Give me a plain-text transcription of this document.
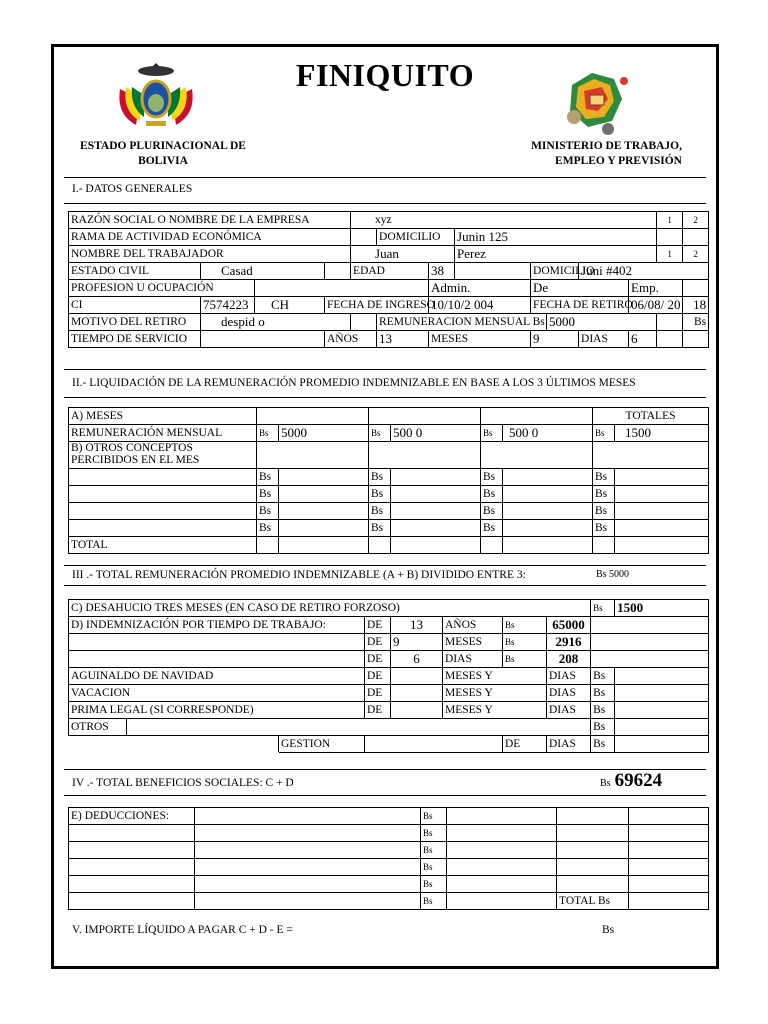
FINIQUITO
ESTADO PLURINACIONAL DE
BOLIVIA
MINISTERIO DE TRABAJO,
EMPLEO Y PREVISIÓN
I.- DATOS GENERALES
RAZÓN SOCIAL O NOMBRE DE LA EMPRESA				xyz								1	2
RAMA DE ACTIVIDAD ECONÓMICA					DOMICILIO		Junin 125						
NOMBRE DEL TRABAJADOR				Juan			Perez					1	2
ESTADO CIVIL	Casad			EDAD		38		DOMICILIO		Juni #402			
PROFESION U OCUPACIÓN						Admin.		De			Emp.		
CI	7574223	CH	FECHA DE INGRESO			10/10/2 004		FECHA DE RETIRO			06/08/ 20		18
MOTIVO DEL RETIRO	despid o				REMUNERACION MENSUAL Bs				5000				Bs
TIEMPO DE SERVICIO			AÑOS		13	MESES		9		DIAS	6		
II.- LIQUIDACIÓN DE LA REMUNERACIÓN PROMEDIO INDEMNIZABLE EN BASE A LOS 3 ÚLTIMOS MESES
A) MESES							TOTALES	
REMUNERACIÓN MENSUAL	Bs	5000	Bs	500 0	Bs	500 0	Bs	1500

B) OTROS CONCEPTOS
PERCIBIDOS EN EL MES								

	Bs		Bs		Bs		Bs	
	Bs		Bs		Bs		Bs	
	Bs		Bs		Bs		Bs	
	Bs		Bs		Bs		Bs	
TOTAL								
III .- TOTAL REMUNERACIÓN PROMEDIO INDEMNIZABLE (A + B) DIVIDIDO ENTRE 3:	Bs 5000
C) DESAHUCIO TRES MESES (EN CASO DE RETIRO FORZOSO)								Bs	1500
D) INDEMNIZACIÓN POR TIEMPO DE TRABAJO:			DE	13	AÑOS	Bs	65000		
			DE	9	MESES	Bs	2916		
			DE	6	DIAS	Bs	208		
AGUINALDO DE NAVIDAD			DE		MESES Y		DIAS	Bs	
VACACION			DE		MESES Y		DIAS	Bs	
PRIMA LEGAL (SI CORRESPONDE)			DE		MESES Y		DIAS	Bs	
OTROS								Bs	
		GESTION				DE	DIAS	Bs	
IV .- TOTAL BENEFICIOS SOCIALES: C + D	Bs 69624
E) DEDUCCIONES:		Bs			
		Bs			
		Bs			
		Bs			
		Bs			
		Bs		TOTAL Bs	
V. IMPORTE LÍQUIDO A PAGAR C + D - E =	Bs
